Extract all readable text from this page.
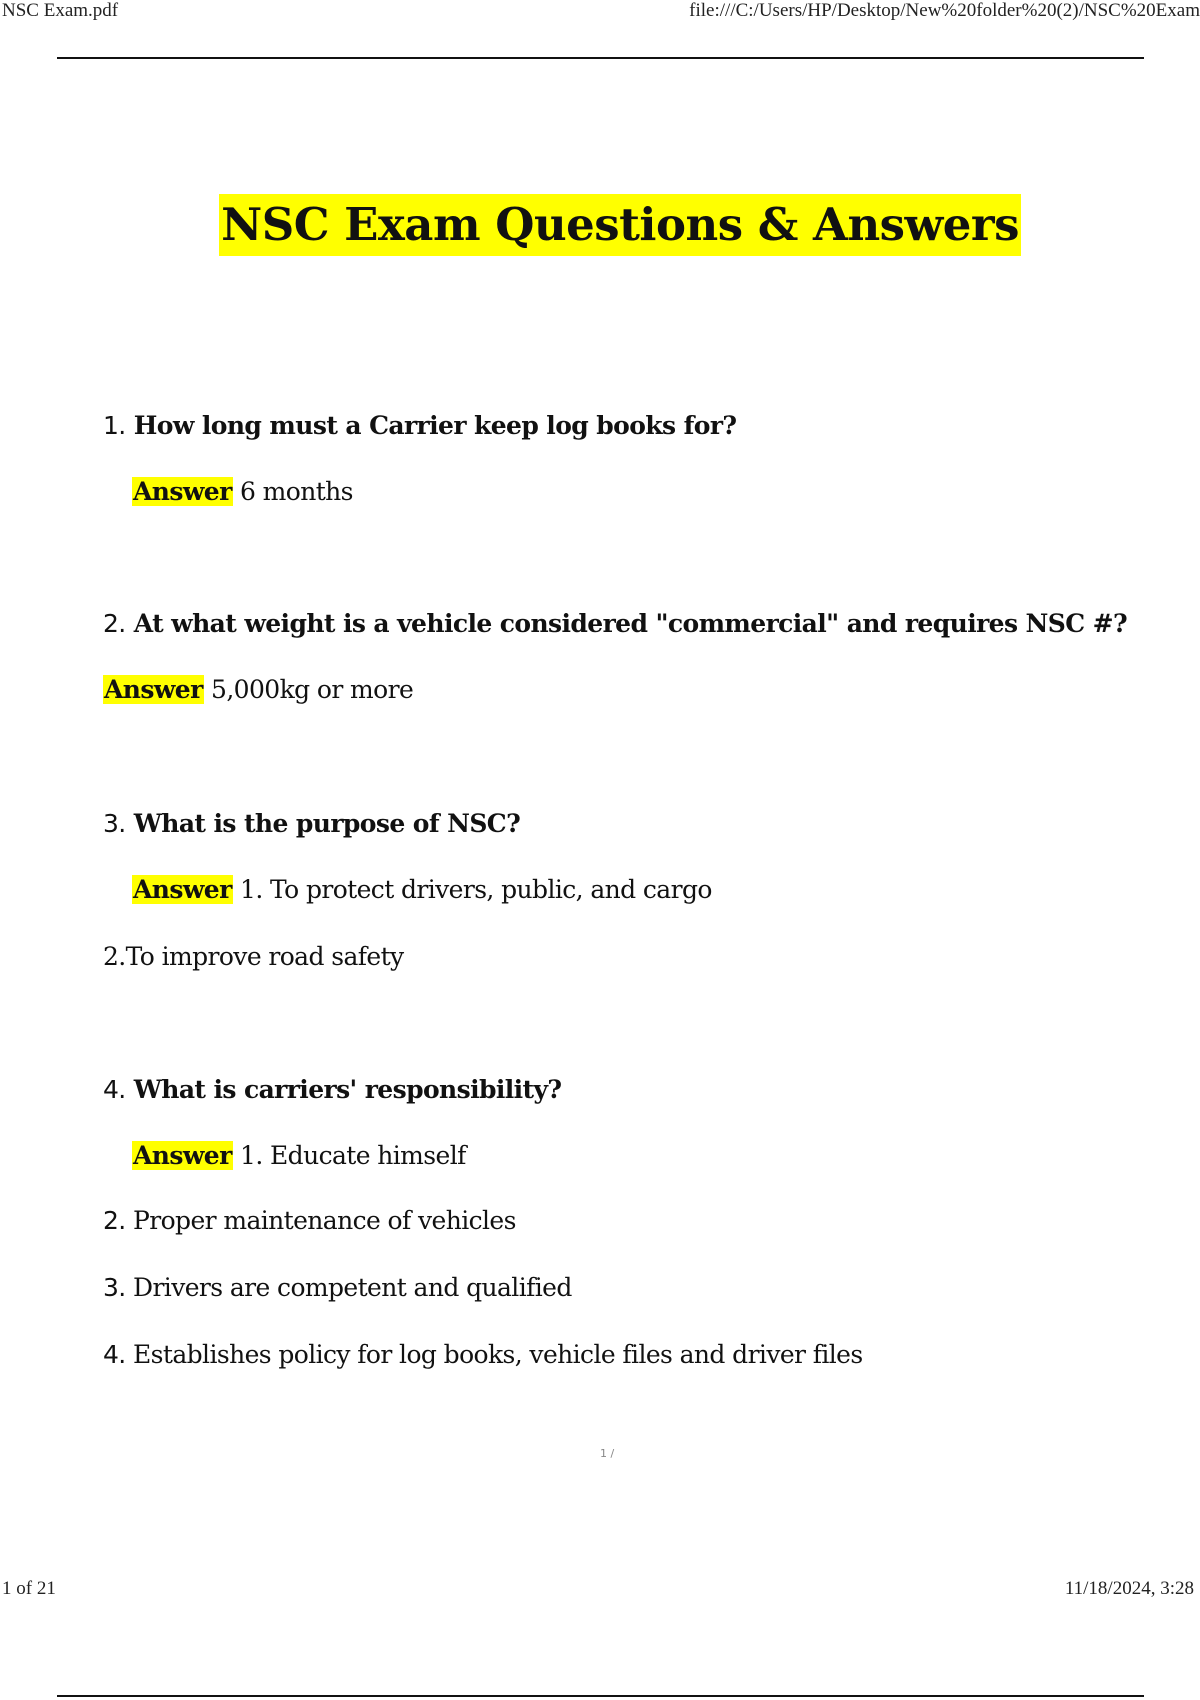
NSC Exam.pdf	file:///C:/Users/HP/Desktop/New%20folder%20(2)/NSC%20Exam
NSC Exam Questions & Answers
1. How long must a Carrier keep log books for?
Answer 6 months
2. At what weight is a vehicle considered "commercial" and requires NSC #?
Answer 5,000kg or more
3. What is the purpose of NSC?
Answer 1. To protect drivers, public, and cargo
2.To improve road safety
4. What is carriers' responsibility?
Answer 1. Educate himself
2. Proper maintenance of vehicles
3. Drivers are competent and qualified
4. Establishes policy for log books, vehicle files and driver files
1 /
1 of 21	11/18/2024, 3:28
